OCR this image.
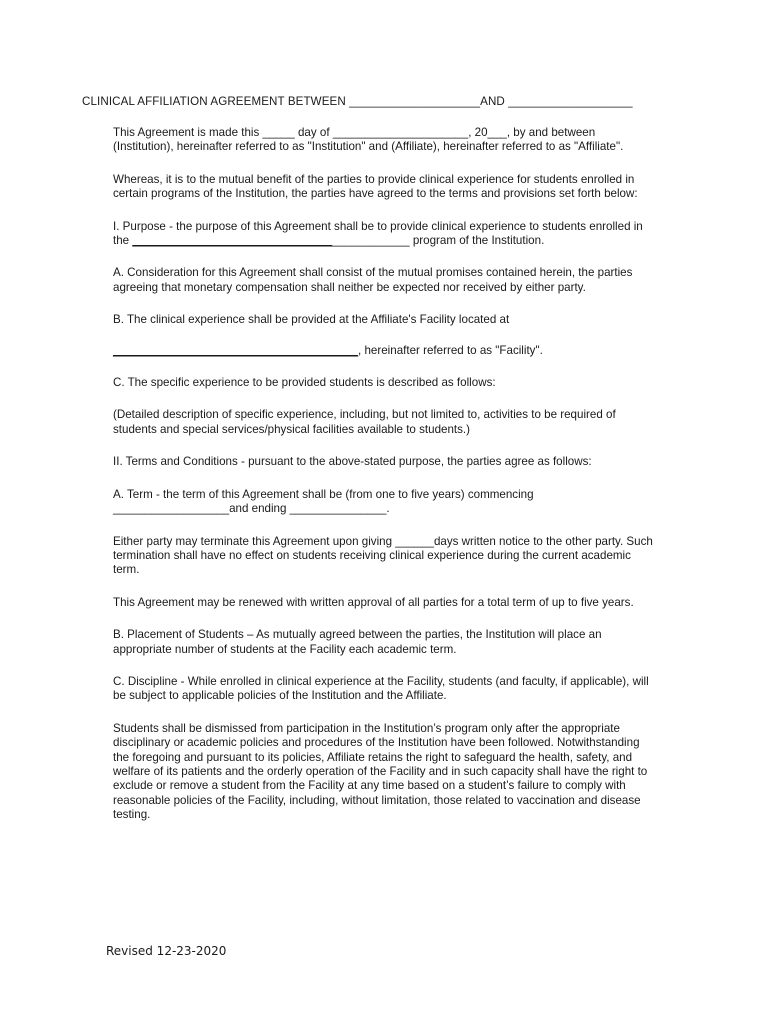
CLINICAL AFFILIATION AGREEMENT BETWEEN ____________________AND ___________________

This Agreement is made this _____ day of _____________________, 20___, by and between (Institution), hereinafter referred to as "Institution" and (Affiliate), hereinafter referred to as "Affiliate".

Whereas, it is to the mutual benefit of the parties to provide clinical experience for students enrolled in certain programs of the Institution, the parties have agreed to the terms and provisions set forth below:

I. Purpose - the purpose of this Agreement shall be to provide clinical experience to students enrolled in the ___________________________________________ program of the Institution.

A. Consideration for this Agreement shall consist of the mutual promises contained herein, the parties agreeing that monetary compensation shall neither be expected nor received by either party.

B. The clinical experience shall be provided at the Affiliate's Facility located at

______________________________________, hereinafter referred to as "Facility".

C. The specific experience to be provided students is described as follows:

(Detailed description of specific experience, including, but not limited to, activities to be required of students and special services/physical facilities available to students.)

II. Terms and Conditions - pursuant to the above-stated purpose, the parties agree as follows:

A. Term - the term of this Agreement shall be (from one to five years) commencing
__________________and ending _______________.

Either party may terminate this Agreement upon giving ______days written notice to the other party. Such termination shall have no effect on students receiving clinical experience during the current academic term.

This Agreement may be renewed with written approval of all parties for a total term of up to five years.

B. Placement of Students – As mutually agreed between the parties, the Institution will place an appropriate number of students at the Facility each academic term.

C. Discipline - While enrolled in clinical experience at the Facility, students (and faculty, if applicable), will be subject to applicable policies of the Institution and the Affiliate.

Students shall be dismissed from participation in the Institution’s program only after the appropriate disciplinary or academic policies and procedures of the Institution have been followed. Notwithstanding the foregoing and pursuant to its policies, Affiliate retains the right to safeguard the health, safety, and welfare of its patients and the orderly operation of the Facility and in such capacity shall have the right to exclude or remove a student from the Facility at any time based on a student’s failure to comply with reasonable policies of the Facility, including, without limitation, those related to vaccination and disease testing.

Revised 12-23-2020
